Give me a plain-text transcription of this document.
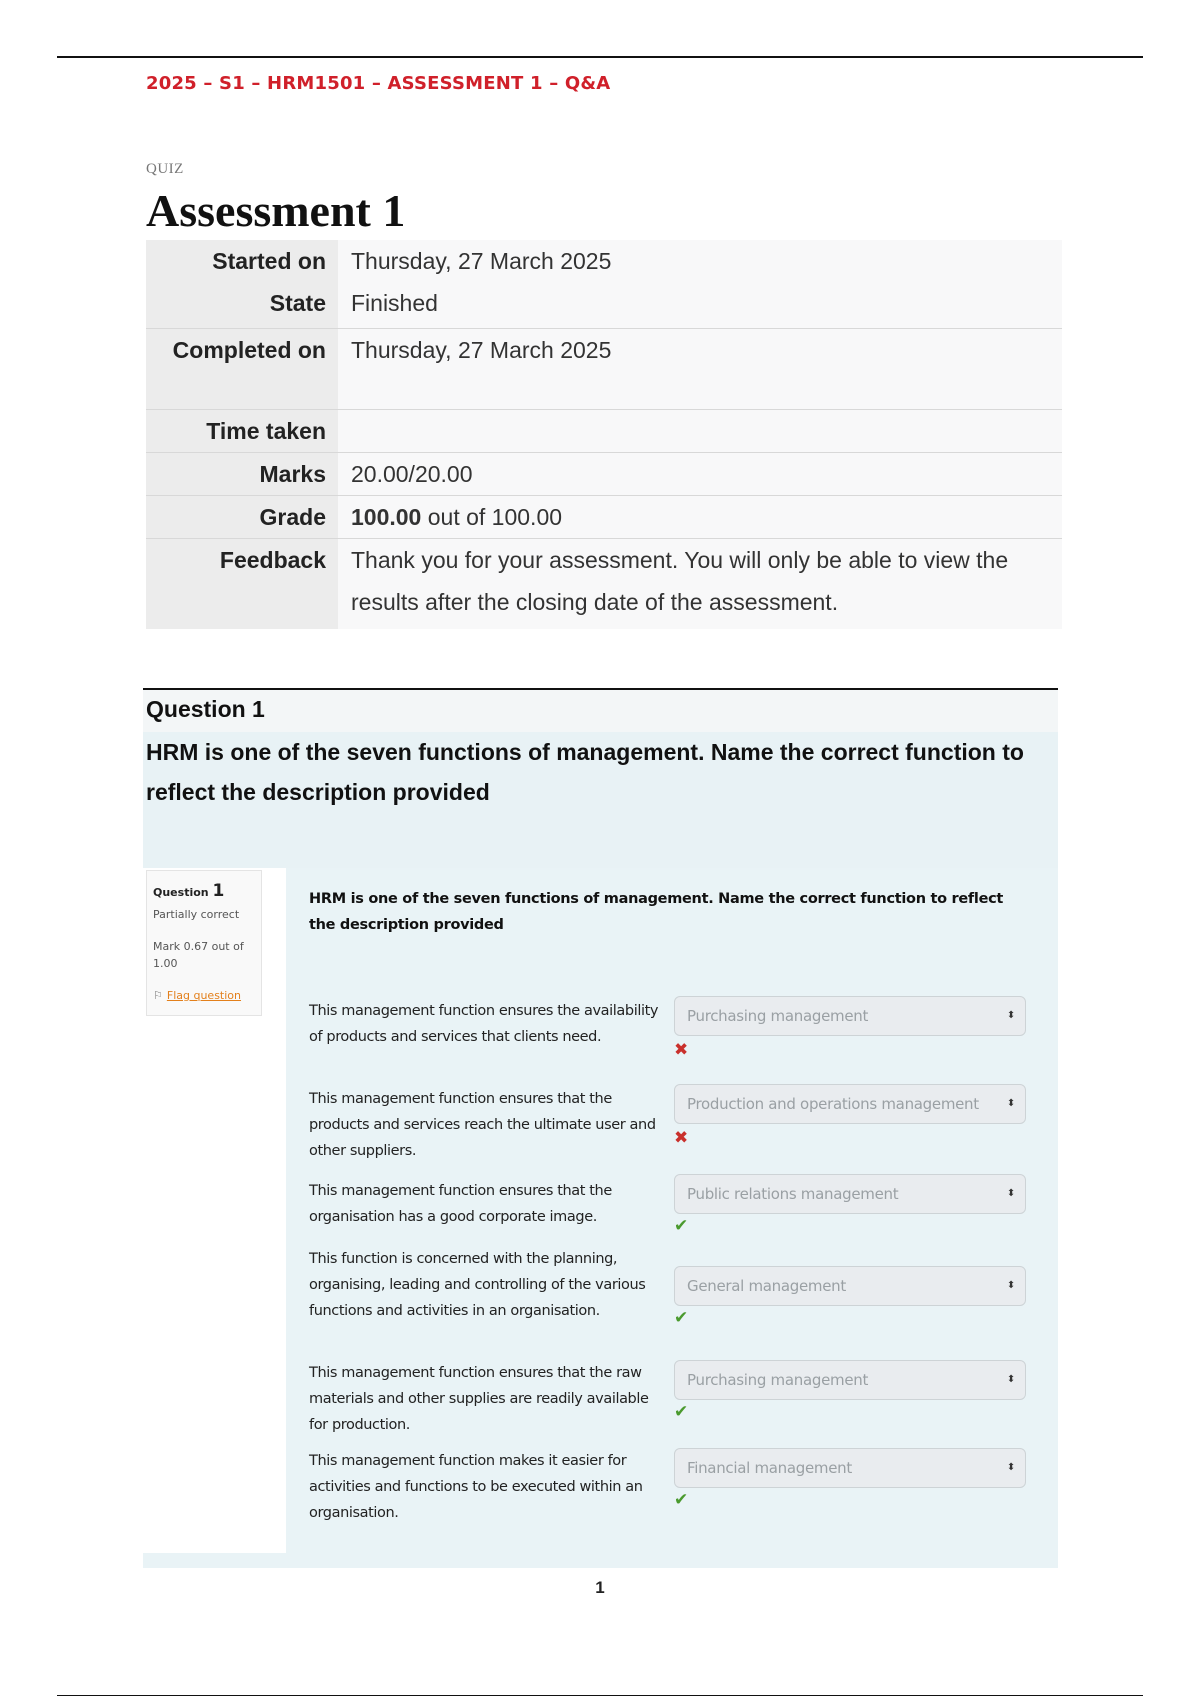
2025 – S1 – HRM1501 – ASSESSMENT 1 – Q&A
QUIZ
Assessment 1
Started on	Thursday, 27 March 2025
State	Finished
Completed on	Thursday, 27 March 2025
Time taken	
Marks	20.00/20.00
Grade	100.00 out of 100.00
Feedback	Thank you for your assessment. You will only be able to view the results after the closing date of the assessment.
Question 1

HRM is one of the seven functions of management. Name the correct function to reflect the description provided

Question 1
Partially correct
Mark 0.67 out of 1.00
⚐ Flag question

HRM is one of the seven functions of management. Name the correct function to reflect the description provided

This management function ensures the availability of products and services that clients need.
Purchasing management	⬍
✖
This management function ensures that the products and services reach the ultimate user and other suppliers.
Production and operations management	⬍
✖
This management function ensures that the organisation has a good corporate image.
Public relations management	⬍
✔
This function is concerned with the planning, organising, leading and controlling of the various functions and activities in an organisation.
General management	⬍
✔
This management function ensures that the raw materials and other supplies are readily available for production.
Purchasing management	⬍
✔
This management function makes it easier for activities and functions to be executed within an organisation.
Financial management	⬍
✔
1
